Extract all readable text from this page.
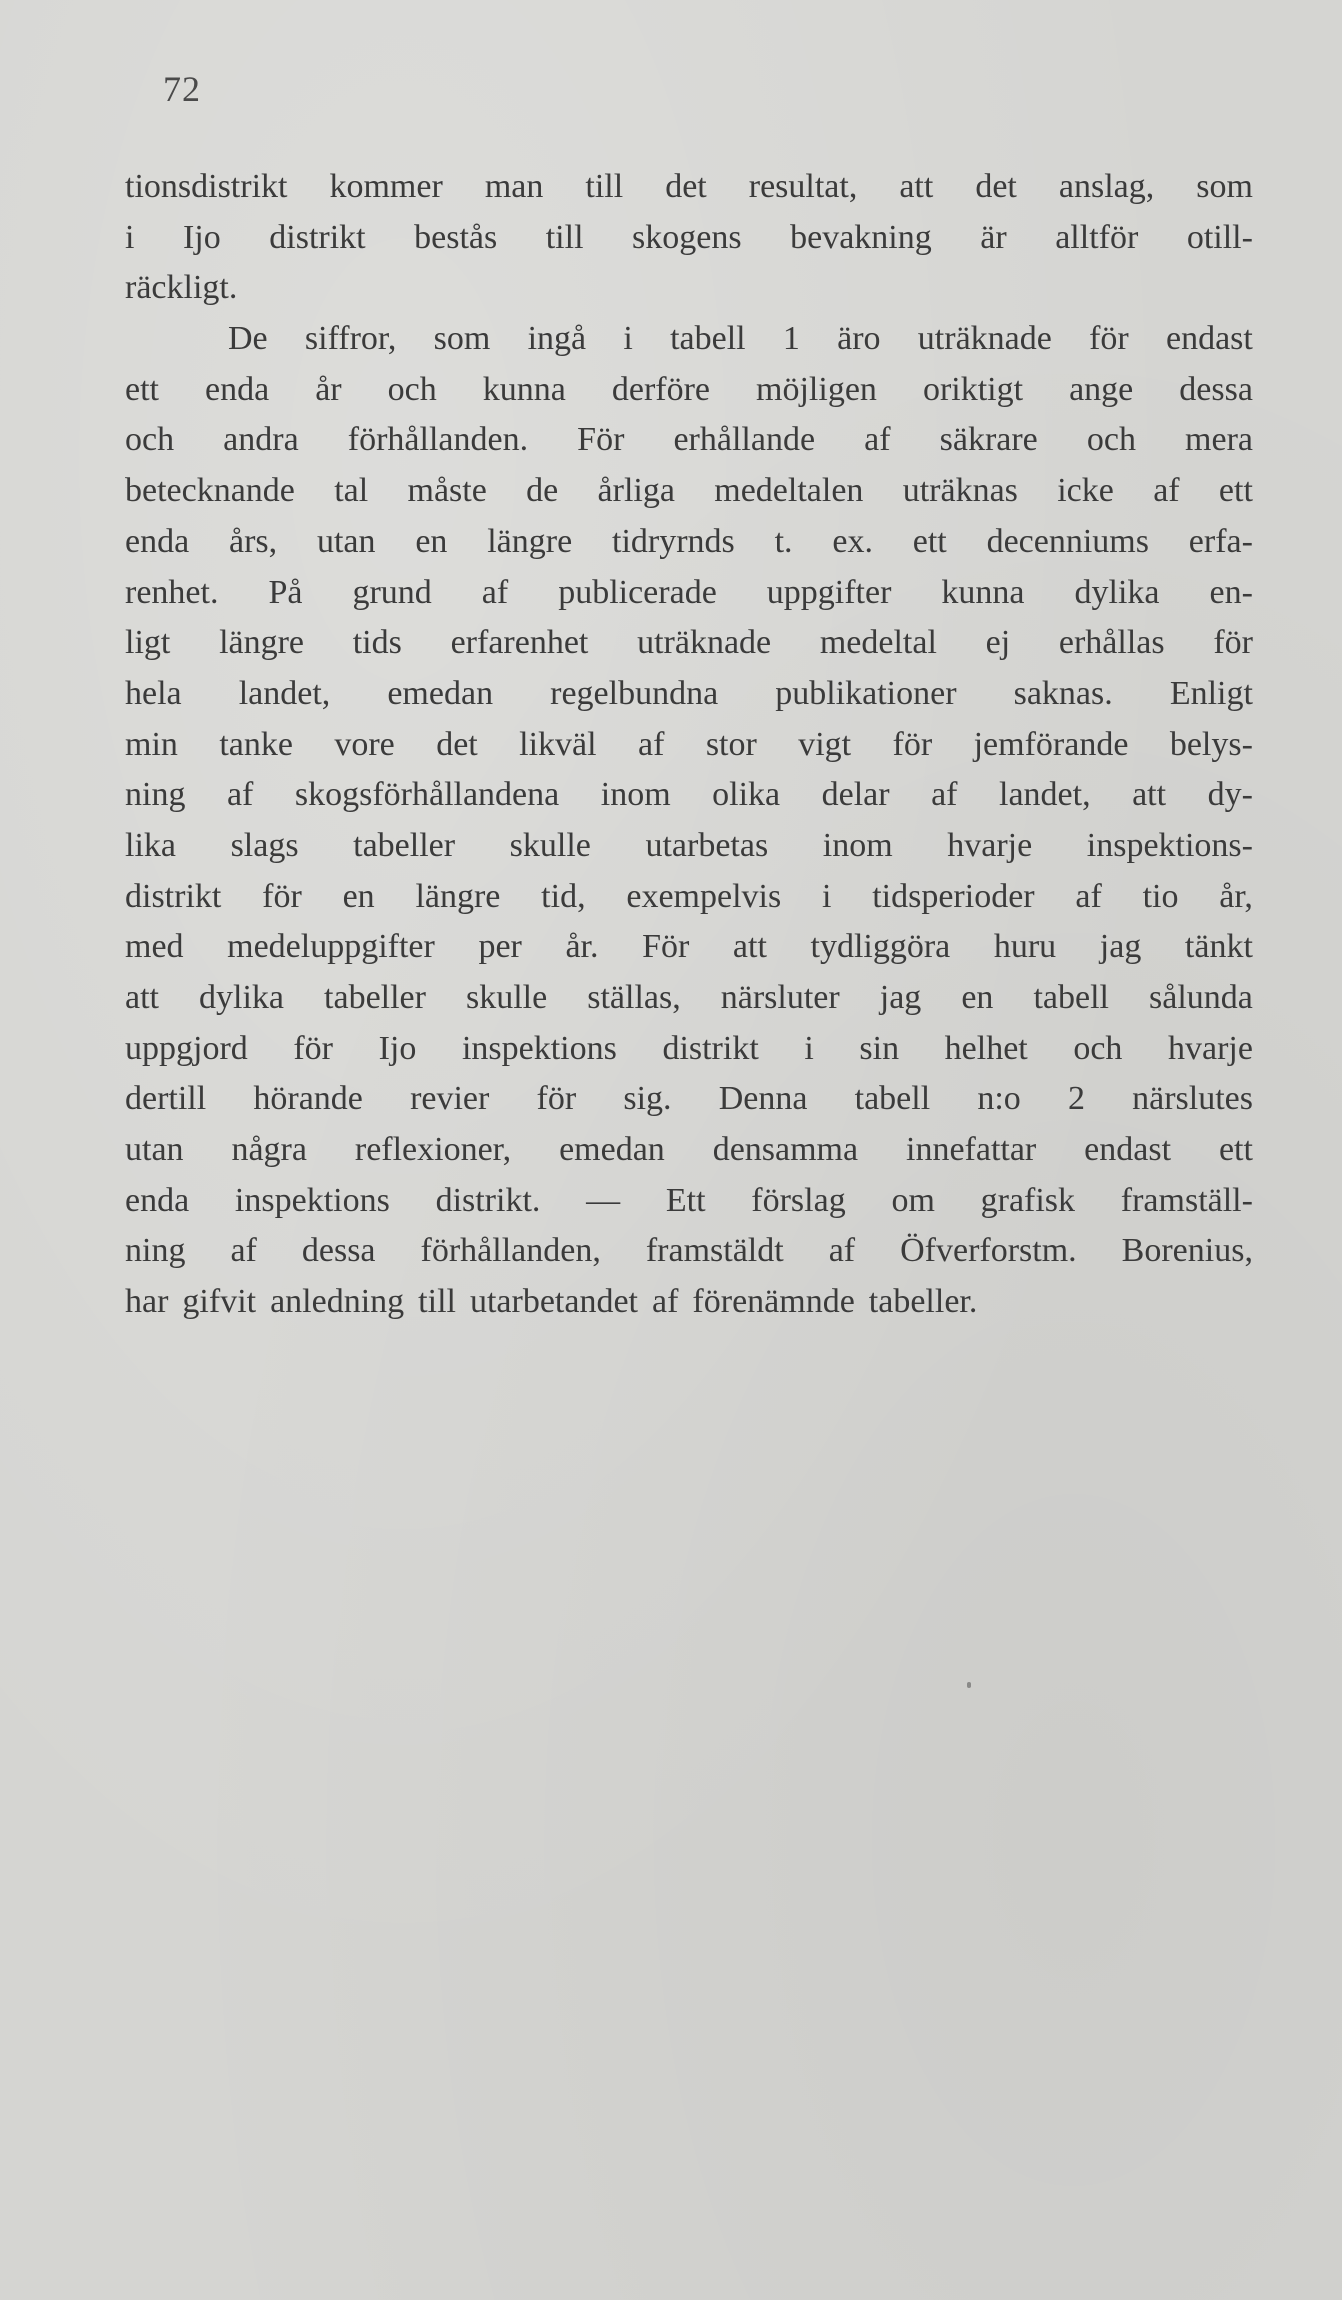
72
tionsdistrikt kommer man till det resultat, att det anslag, som
i Ijo distrikt bestås till skogens bevakning är alltför otill-
räckligt.
De siffror, som ingå i tabell 1 äro uträknade för endast
ett enda år och kunna derföre möjligen oriktigt ange dessa
och andra förhållanden. För erhållande af säkrare och mera
betecknande tal måste de årliga medeltalen uträknas icke af ett
enda års, utan en längre tidryrnds t. ex. ett decenniums erfa-
renhet. På grund af publicerade uppgifter kunna dylika en-
ligt längre tids erfarenhet uträknade medeltal ej erhållas för
hela landet, emedan regelbundna publikationer saknas. Enligt
min tanke vore det likväl af stor vigt för jemförande belys-
ning af skogsförhållandena inom olika delar af landet, att dy-
lika slags tabeller skulle utarbetas inom hvarje inspektions-
distrikt för en längre tid, exempelvis i tidsperioder af tio år,
med medeluppgifter per år. För att tydliggöra huru jag tänkt
att dylika tabeller skulle ställas, närsluter jag en tabell sålunda
uppgjord för Ijo inspektions distrikt i sin helhet och hvarje
dertill hörande revier för sig. Denna tabell n:o 2 närslutes
utan några reflexioner, emedan densamma innefattar endast ett
enda inspektions distrikt. — Ett förslag om grafisk framställ-
ning af dessa förhållanden, framstäldt af Öfverforstm. Borenius,
har gifvit anledning till utarbetandet af förenämnde tabeller.
